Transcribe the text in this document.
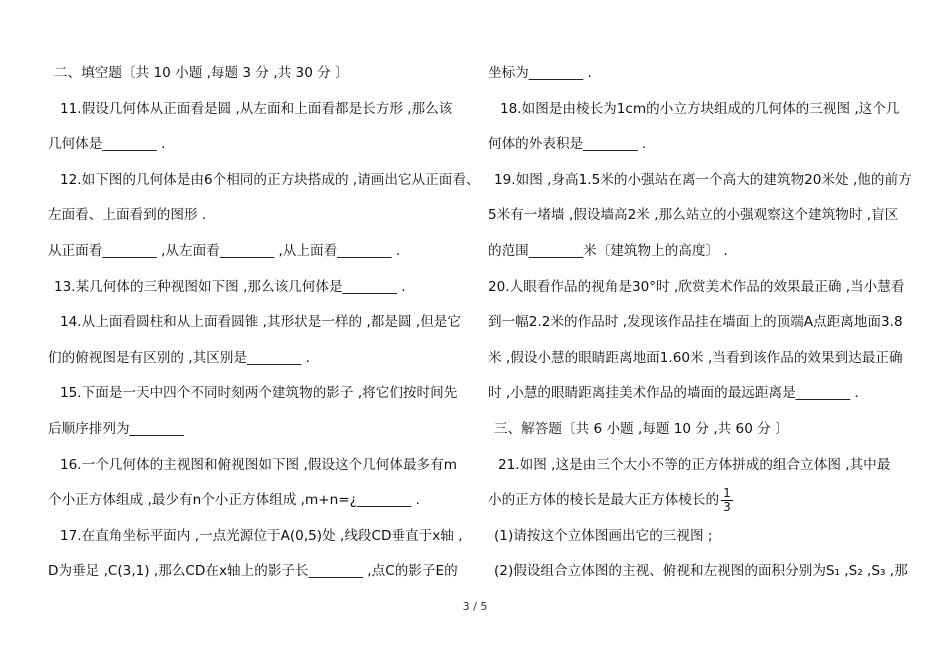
二、填空题〔共 10 小题 ,每题 3 分 ,共 30 分 〕
11.假设几何体从正面看是圆 ,从左面和上面看都是长方形 ,那么该
几何体是________ .
12.如下图的几何体是由6个相同的正方块搭成的 ,请画出它从正面看、
左面看、上面看到的图形 .
从正面看________ ,从左面看________ ,从上面看________ .
13.某几何体的三种视图如下图 ,那么该几何体是________ .
14.从上面看圆柱和从上面看圆锥 ,其形状是一样的 ,都是圆 ,但是它
们的俯视图是有区别的 ,其区别是________ .
15.下面是一天中四个不同时刻两个建筑物的影子 ,将它们按时间先
后顺序排列为________
16.一个几何体的主视图和俯视图如下图 ,假设这个几何体最多有m
个小正方体组成 ,最少有n个小正方体组成 ,m+n=¿________ .
17.在直角坐标平面内 ,一点光源位于A(0,5)处 ,线段CD垂直于x轴 ,
D为垂足 ,C(3,1) ,那么CD在x轴上的影子长________ ,点C的影子E的
坐标为________ .
18.如图是由棱长为1cm的小立方块组成的几何体的三视图 ,这个几
何体的外表积是________ .
19.如图 ,身高1.5米的小强站在离一个高大的建筑物20米处 ,他的前方
5米有一堵墙 ,假设墙高2米 ,那么站立的小强观察这个建筑物时 ,盲区
的范围________米〔建筑物上的高度〕 .
20.人眼看作品的视角是30°时 ,欣赏美术作品的效果最正确 ,当小慧看
到一幅2.2米的作品时 ,发现该作品挂在墙面上的顶端A点距离地面3.8
米 ,假设小慧的眼睛距离地面1.60米 ,当看到该作品的效果到达最正确
时 ,小慧的眼睛距离挂美术作品的墙面的最远距离是________ .
三、解答题〔共 6 小题 ,每题 10 分 ,共 60 分 〕
21.如图 ,这是由三个大小不等的正方体拼成的组合立体图 ,其中最
小的正方体的棱长是最大正方体棱长的 $\frac{1}{3}$
(1)请按这个立体图画出它的三视图 ;
(2)假设组合立体图的主视、俯视和左视图的面积分别为S₁ ,S₂ ,S₃ ,那
3 / 5
